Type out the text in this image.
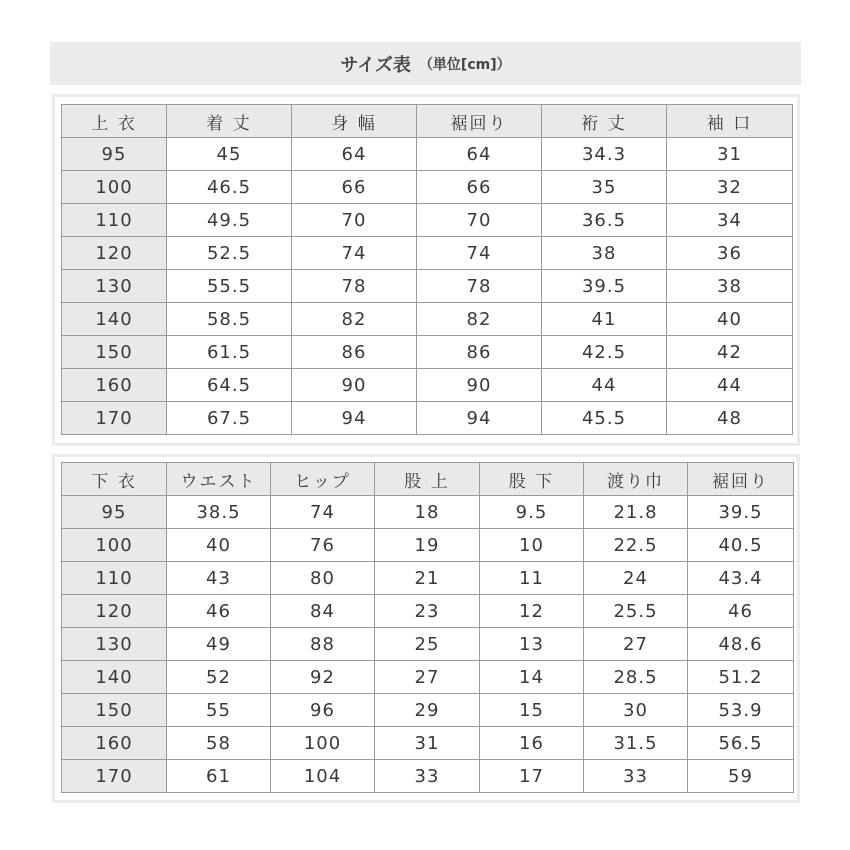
サイズ表 （単位[cm]）
上 衣	着 丈	身 幅	裾回り	裄 丈	袖 口
95	45	64	64	34.3	31
100	46.5	66	66	35	32
110	49.5	70	70	36.5	34
120	52.5	74	74	38	36
130	55.5	78	78	39.5	38
140	58.5	82	82	41	40
150	61.5	86	86	42.5	42
160	64.5	90	90	44	44
170	67.5	94	94	45.5	48
下 衣	ウエスト	ヒップ	股 上	股 下	渡り巾	裾回り
95	38.5	74	18	9.5	21.8	39.5
100	40	76	19	10	22.5	40.5
110	43	80	21	11	24	43.4
120	46	84	23	12	25.5	46
130	49	88	25	13	27	48.6
140	52	92	27	14	28.5	51.2
150	55	96	29	15	30	53.9
160	58	100	31	16	31.5	56.5
170	61	104	33	17	33	59
